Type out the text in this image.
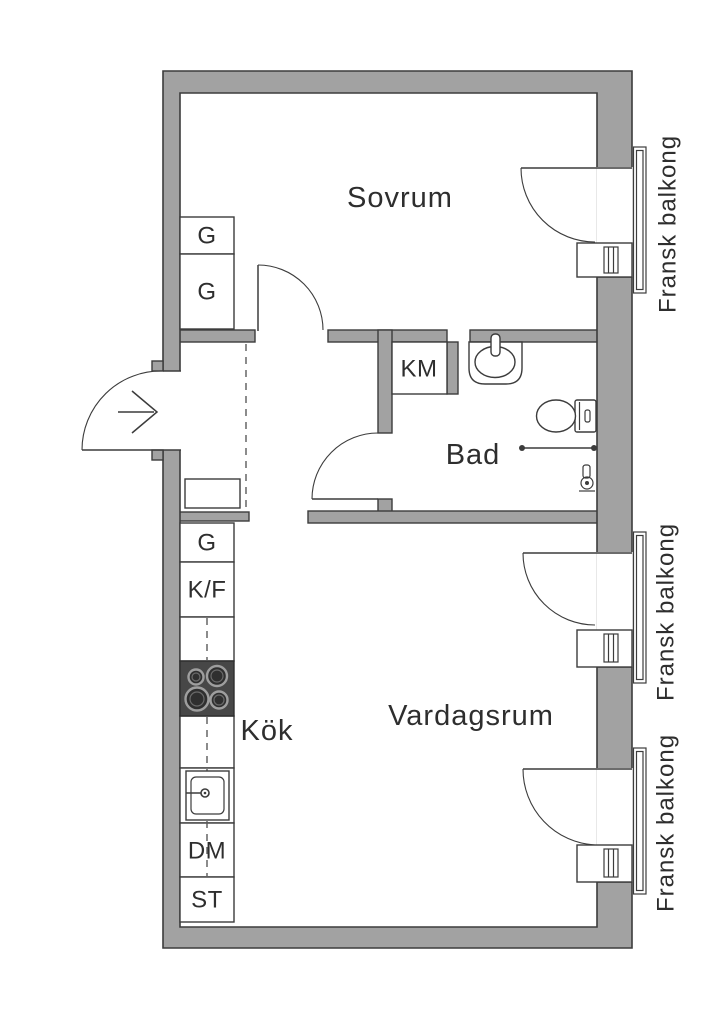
G
G
G
K/F
DM
ST
KM
Sovrum
Bad
Kök	Vardagsrum
Fransk balkong
Fransk balkong
Fransk balkong
